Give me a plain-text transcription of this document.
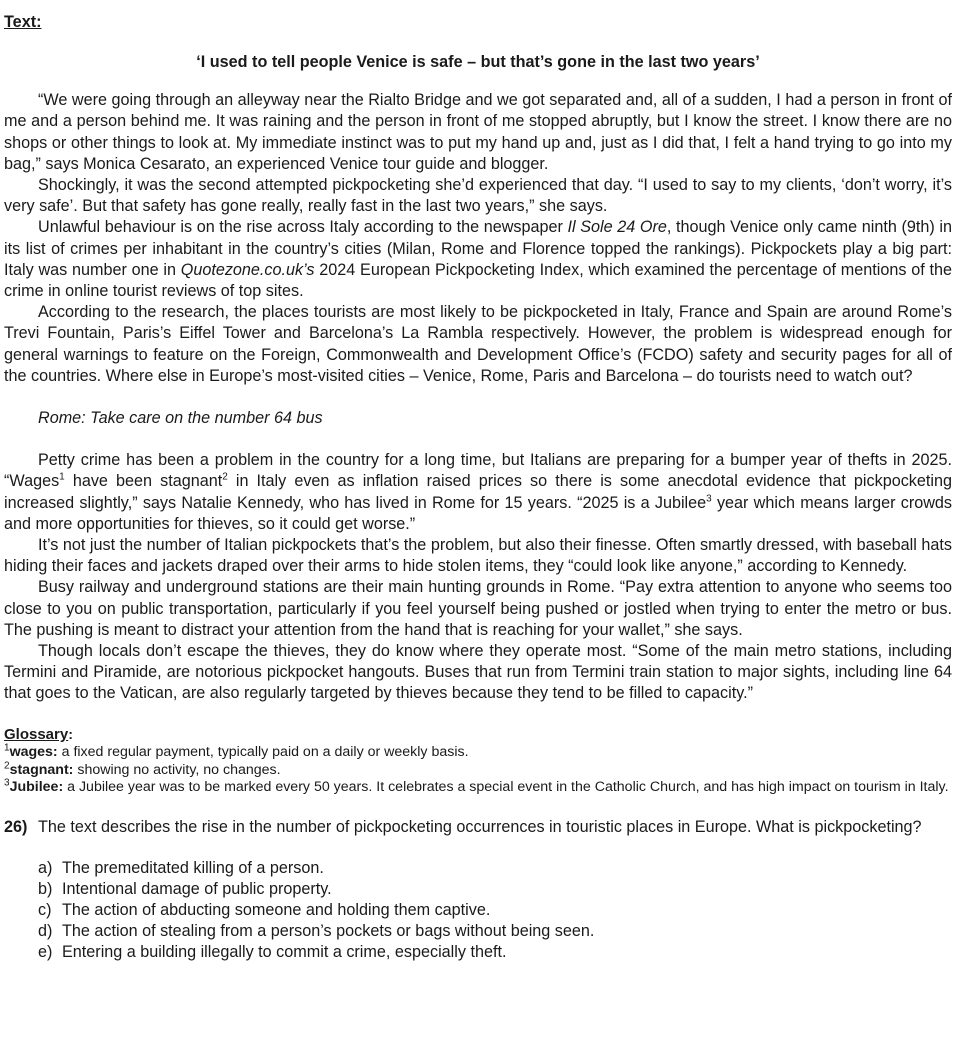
Text:
‘I used to tell people Venice is safe – but that’s gone in the last two years’

“We were going through an alleyway near the Rialto Bridge and we got separated and, all of a sudden, I had a person in front of me and a person behind me. It was raining and the person in front of me stopped abruptly, but I know the street. I know there are no shops or other things to look at. My immediate instinct was to put my hand up and, just as I did that, I felt a hand trying to go into my bag,” says Monica Cesarato, an experienced Venice tour guide and blogger.

Shockingly, it was the second attempted pickpocketing she’d experienced that day. “I used to say to my clients, ‘don’t worry, it’s very safe’. But that safety has gone really, really fast in the last two years,” she says.

Unlawful behaviour is on the rise across Italy according to the newspaper Il Sole 24 Ore, though Venice only came ninth (9th) in its list of crimes per inhabitant in the country’s cities (Milan, Rome and Florence topped the rankings). Pickpockets play a big part: Italy was number one in Quotezone.co.uk’s 2024 European Pickpocketing Index, which examined the percentage of mentions of the crime in online tourist reviews of top sites.

According to the research, the places tourists are most likely to be pickpocketed in Italy, France and Spain are around Rome’s Trevi Fountain, Paris’s Eiffel Tower and Barcelona’s La Rambla respectively. However, the problem is widespread enough for general warnings to feature on the Foreign, Commonwealth and Development Office’s (FCDO) safety and security pages for all of the countries. Where else in Europe’s most-visited cities – Venice, Rome, Paris and Barcelona – do tourists need to watch out?

Rome: Take care on the number 64 bus

Petty crime has been a problem in the country for a long time, but Italians are preparing for a bumper year of thefts in 2025. “Wages$^1$ have been stagnant$^2$ in Italy even as inflation raised prices so there is some anecdotal evidence that pickpocketing increased slightly,” says Natalie Kennedy, who has lived in Rome for 15 years. “2025 is a Jubilee$^3$ year which means larger crowds and more opportunities for thieves, so it could get worse.”

It’s not just the number of Italian pickpockets that’s the problem, but also their finesse. Often smartly dressed, with baseball hats hiding their faces and jackets draped over their arms to hide stolen items, they “could look like anyone,” according to Kennedy.

Busy railway and underground stations are their main hunting grounds in Rome. “Pay extra attention to anyone who seems too close to you on public transportation, particularly if you feel yourself being pushed or jostled when trying to enter the metro or bus. The pushing is meant to distract your attention from the hand that is reaching for your wallet,” she says.

Though locals don’t escape the thieves, they do know where they operate most. “Some of the main metro stations, including Termini and Piramide, are notorious pickpocket hangouts. Buses that run from Termini train station to major sights, including line 64 that goes to the Vatican, are also regularly targeted by thieves because they tend to be filled to capacity.”

Glossary:
$^1$wages: a fixed regular payment, typically paid on a daily or weekly basis.
$^2$stagnant: showing no activity, no changes.
$^3$Jubilee: a Jubilee year was to be marked every 50 years. It celebrates a special event in the Catholic Church, and has high impact on tourism in Italy.
26) The text describes the rise in the number of pickpocketing occurrences in touristic places in Europe. What is pickpocketing?
a) The premeditated killing of a person.
b) Intentional damage of public property.
c) The action of abducting someone and holding them captive.
d) The action of stealing from a person’s pockets or bags without being seen.
e) Entering a building illegally to commit a crime, especially theft.
